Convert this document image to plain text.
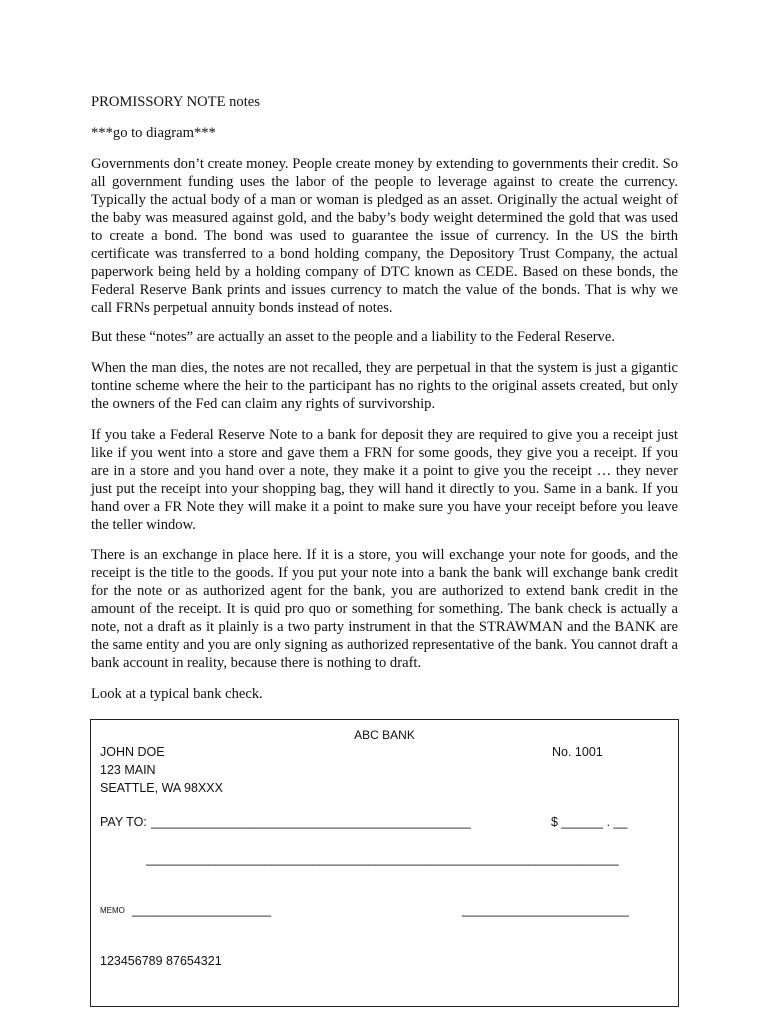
PROMISSORY NOTE notes
***go to diagram***

Governments don’t create money. People create money by extending to governments their credit. So all government funding uses the labor of the people to leverage against to create the currency. Typically the actual body of a man or woman is pledged as an asset. Originally the actual weight of the baby was measured against gold, and the baby’s body weight determined the gold that was used to create a bond. The bond was used to guarantee the issue of currency. In the US the birth certificate was transferred to a bond holding company, the Depository Trust Company, the actual paperwork being held by a holding company of DTC known as CEDE. Based on these bonds, the Federal Reserve Bank prints and issues currency to match the value of the bonds. That is why we call FRNs perpetual annuity bonds instead of notes.

But these “notes” are actually an asset to the people and a liability to the Federal Reserve.

When the man dies, the notes are not recalled, they are perpetual in that the system is just a gigantic tontine scheme where the heir to the participant has no rights to the original assets created, but only the owners of the Fed can claim any rights of survivorship.

If you take a Federal Reserve Note to a bank for deposit they are required to give you a receipt just like if you went into a store and gave them a FRN for some goods, they give you a receipt. If you are in a store and you hand over a note, they make it a point to give you the receipt … they never just put the receipt into your shopping bag, they will hand it directly to you. Same in a bank. If you hand over a FR Note they will make it a point to make sure you have your receipt before you leave the teller window.

There is an exchange in place here. If it is a store, you will exchange your note for goods, and the receipt is the title to the goods. If you put your note into a bank the bank will exchange bank credit for the note or as authorized agent for the bank, you are authorized to extend bank credit in the amount of the receipt. It is quid pro quo or something for something. The bank check is actually a note, not a draft as it plainly is a two party instrument in that the STRAWMAN and the BANK are the same entity and you are only signing as authorized representative of the bank. You cannot draft a bank account in reality, because there is nothing to draft.

Look at a typical bank check.

ABC BANK
JOHN DOE
123 MAIN
SEATTLE, WA 98XXX
No. 1001
PAY TO: ______________________________________________	$ ______ . __
____________________________________________________________________
MEMO ____________________	________________________
123456789 87654321
